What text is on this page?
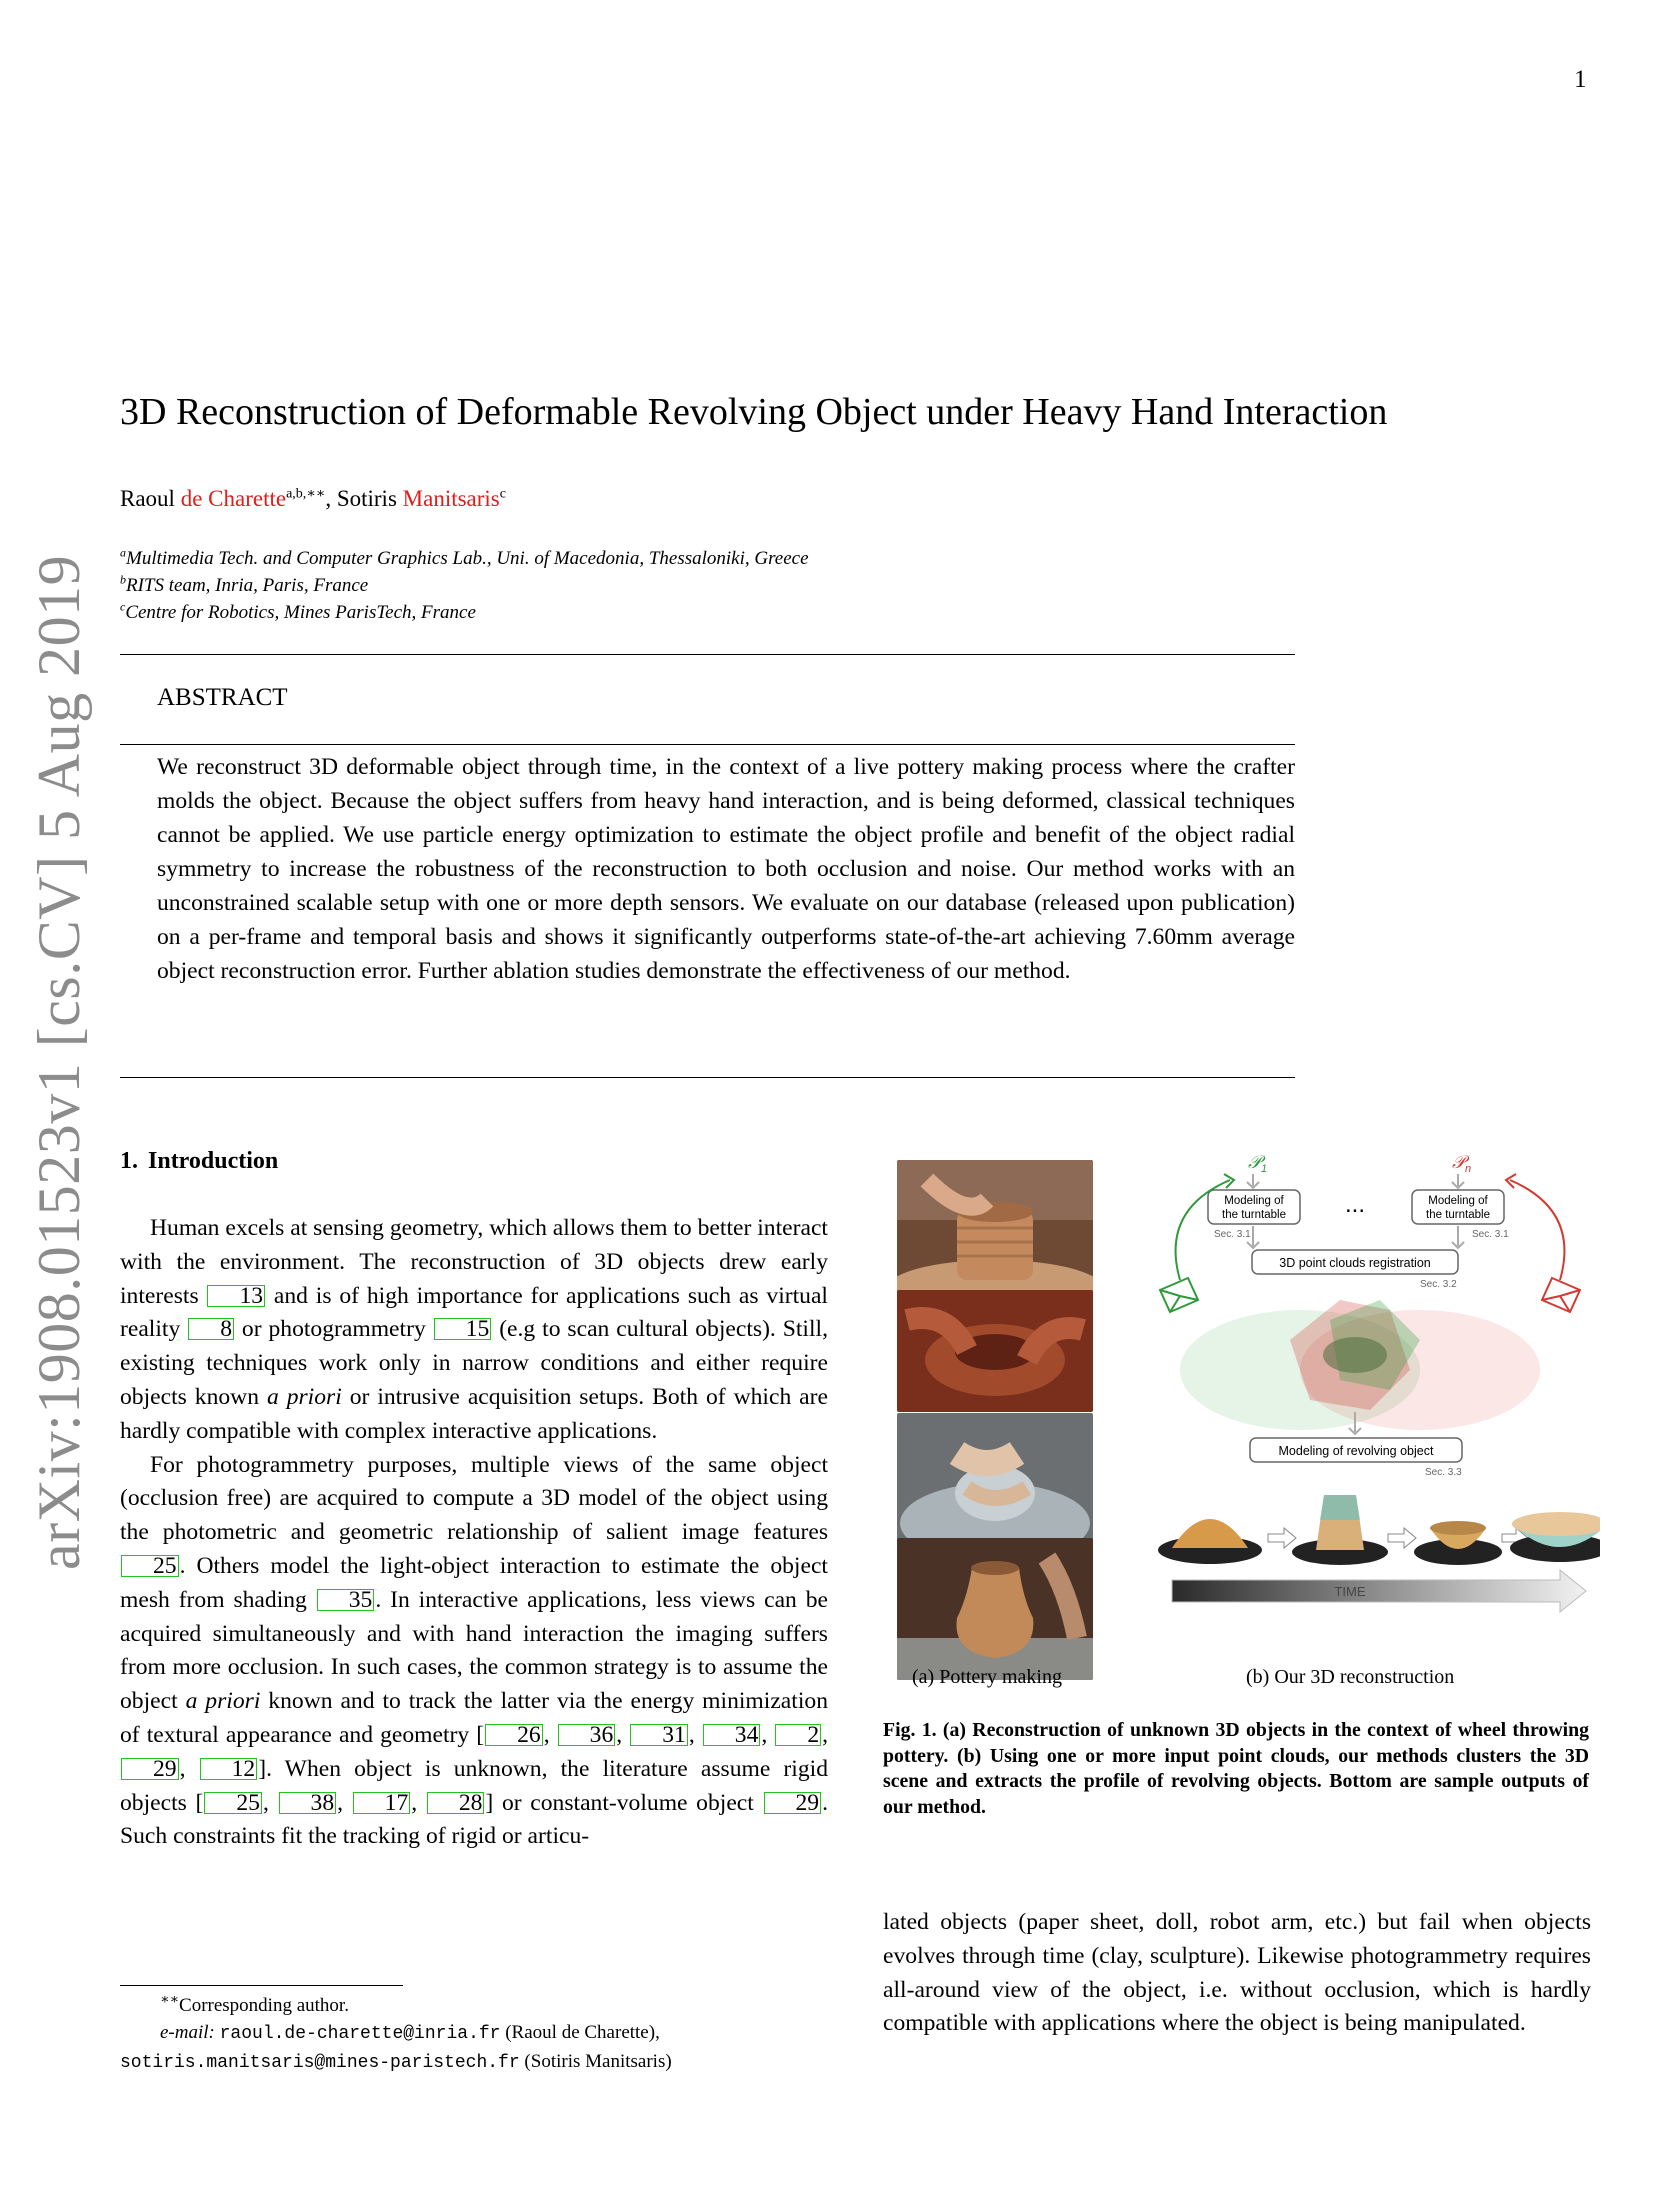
1
arXiv:1908.01523v1 [cs.CV] 5 Aug 2019
3D Reconstruction of Deformable Revolving Object under Heavy Hand Interaction
Raoul de Charette$^{a,b,∗∗}$, Sotiris Manitsaris$^c$
$^a$Multimedia Tech. and Computer Graphics Lab., Uni. of Macedonia, Thessaloniki, Greece
$^b$RITS team, Inria, Paris, France
$^c$Centre for Robotics, Mines ParisTech, France
ABSTRACT
We reconstruct 3D deformable object through time, in the context of a live pottery making process where the crafter molds the object. Because the object suffers from heavy hand interaction, and is being deformed, classical techniques cannot be applied. We use particle energy optimization to estimate the object profile and benefit of the object radial symmetry to increase the robustness of the reconstruction to both occlusion and noise. Our method works with an unconstrained scalable setup with one or more depth sensors. We evaluate on our database (released upon publication) on a per-frame and temporal basis and shows it significantly outperforms state-of-the-art achieving 7.60mm average object reconstruction error. Further ablation studies demonstrate the effectiveness of our method.
1. Introduction

Human excels at sensing geometry, which allows them to better interact with the environment. The reconstruction of 3D objects drew early interests 13 and is of high importance for applications such as virtual reality 8 or photogrammetry 15 (e.g to scan cultural objects). Still, existing techniques work only in narrow conditions and either require objects known a priori or intrusive acquisition setups. Both of which are hardly compatible with complex interactive applications.

For photogrammetry purposes, multiple views of the same object (occlusion free) are acquired to compute a 3D model of the object using the photometric and geometric relationship of salient image features 25 . Others model the light-object interaction to estimate the object mesh from shading 35 . In interactive applications, less views can be acquired simultaneously and with hand interaction the imaging suffers from more occlusion. In such cases, the common strategy is to assume the object a priori known and to track the latter via the energy minimization of textural appearance and geometry [ 26 , 36 , 31 , 34 , 2 , 29 , 12 ]. When object is unknown, the literature assume rigid objects [ 25 , 38 , 17 , 28 ] or constant-volume object 29 . Such constraints fit the tracking of rigid or articu-

∗∗Corresponding author.
e-mail: raoul.de-charette@inria.fr (Raoul de Charette),
sotiris.manitsaris@mines-paristech.fr (Sotiris Manitsaris)
(a) Pottery making	(b) Our 3D reconstruction
𝒫$_1$	𝒫$_n$
Modeling of
the turntable
Modeling of
the turntable
...
Sec. 3.1	Sec. 3.1
3D point clouds registration
Sec. 3.2
Modeling of revolving object
Sec. 3.3
TIME
Fig. 1. (a) Reconstruction of unknown 3D objects in the context of wheel throwing pottery. (b) Using one or more input point clouds, our methods clusters the 3D scene and extracts the profile of revolving objects. Bottom are sample outputs of our method.

lated objects (paper sheet, doll, robot arm, etc.) but fail when objects evolves through time (clay, sculpture). Likewise photogrammetry requires all-around view of the object, i.e. without occlusion, which is hardly compatible with applications where the object is being manipulated.
